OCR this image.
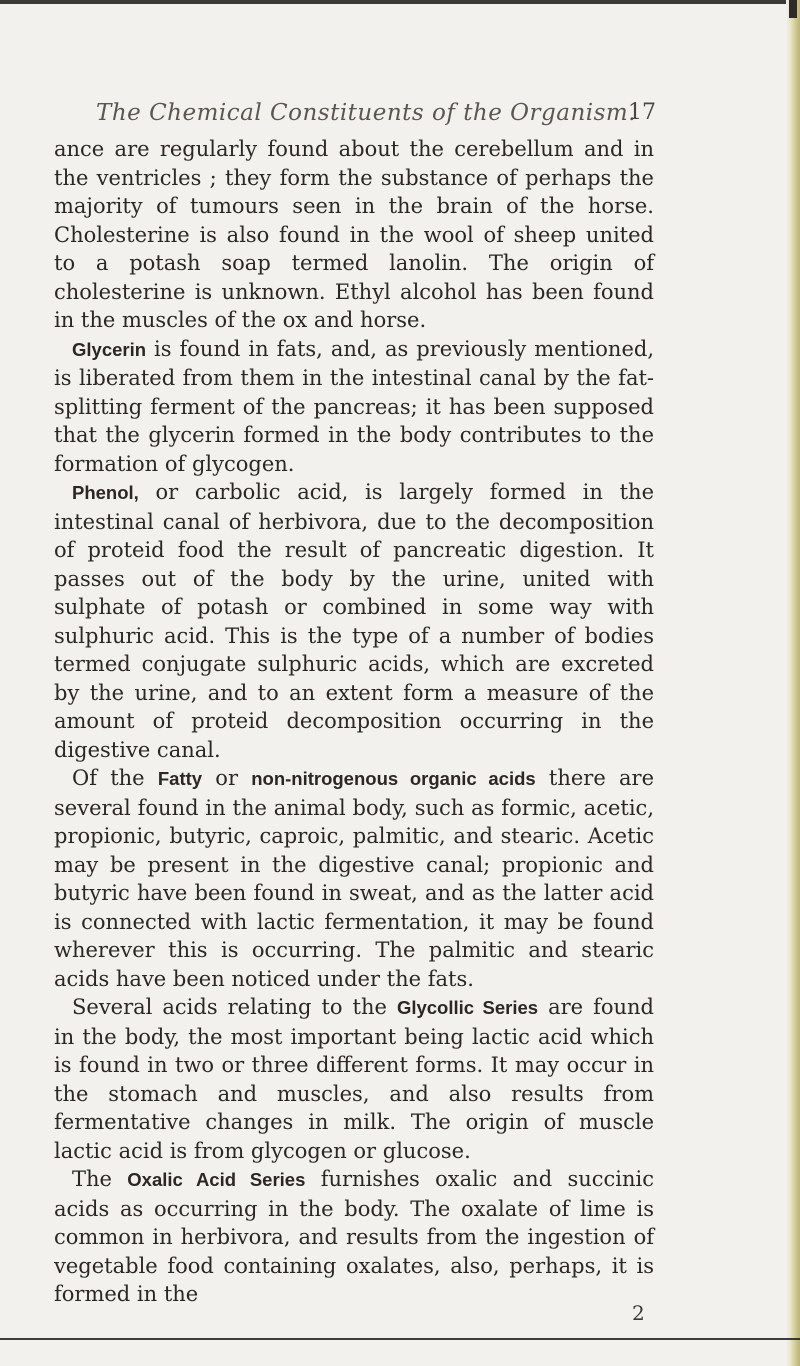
The Chemical Constituents of the Organism.
17

ance are regularly found about the cerebellum and in the ventricles ; they form the substance of perhaps the majority of tumours seen in the brain of the horse. Cholesterine is also found in the wool of sheep united to a potash soap termed lanolin. The origin of cholesterine is unknown. Ethyl alcohol has been found in the muscles of the ox and horse.

Glycerin is found in fats, and, as previously mentioned, is liberated from them in the intestinal canal by the fat-splitting ferment of the pancreas; it has been supposed that the glycerin formed in the body contributes to the formation of glycogen.

Phenol, or carbolic acid, is largely formed in the intestinal canal of herbivora, due to the decomposition of proteid food the result of pancreatic digestion. It passes out of the body by the urine, united with sulphate of potash or combined in some way with sulphuric acid. This is the type of a number of bodies termed conjugate sulphuric acids, which are excreted by the urine, and to an extent form a measure of the amount of proteid decomposition occurring in the digestive canal.

Of the Fatty or non-nitrogenous organic acids there are several found in the animal body, such as formic, acetic, propionic, butyric, caproic, palmitic, and stearic. Acetic may be present in the digestive canal; propionic and butyric have been found in sweat, and as the latter acid is connected with lactic fermentation, it may be found wherever this is occurring. The palmitic and stearic acids have been noticed under the fats.

Several acids relating to the Glycollic Series are found in the body, the most important being lactic acid which is found in two or three different forms. It may occur in the stomach and muscles, and also results from fermentative changes in milk. The origin of muscle lactic acid is from glycogen or glucose.

The Oxalic Acid Series furnishes oxalic and succinic acids as occurring in the body. The oxalate of lime is common in herbivora, and results from the ingestion of vegetable food containing oxalates, also, perhaps, it is formed in the

2
